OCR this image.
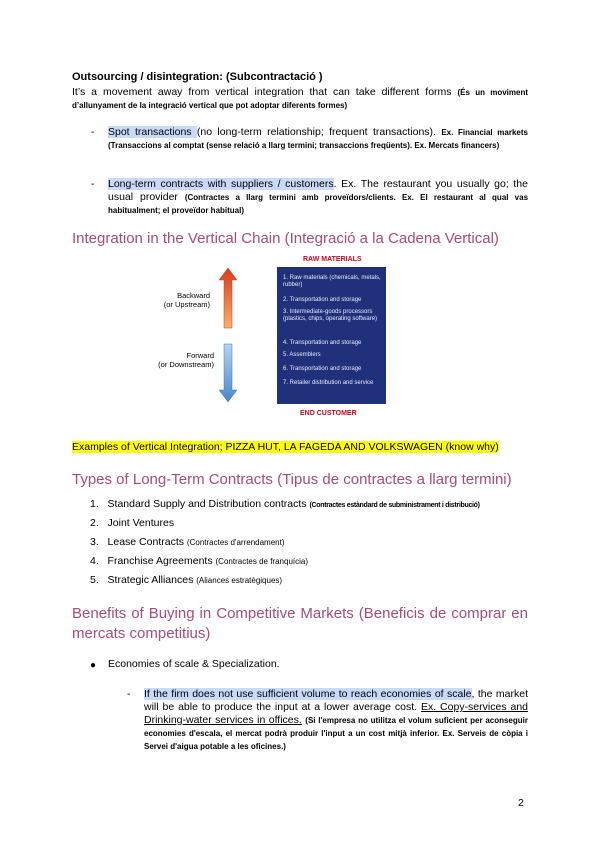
Outsourcing / disintegration: (Subcontractació )
It’s a movement away from vertical integration that can take different forms (És un moviment d’allunyament de la integració vertical que pot adoptar diferents formes)
- Spot transactions (no long-term relationship; frequent transactions). Ex. Financial markets (Transaccions al comptat (sense relació a llarg termini; transaccions freqüents). Ex. Mercats financers)
- Long-term contracts with suppliers / customers. Ex. The restaurant you usually go; the usual provider (Contractes a llarg termini amb proveïdors/clients. Ex. El restaurant al qual vas habitualment; el proveïdor habitual)
Integration in the Vertical Chain (Integració a la Cadena Vertical)
RAW MATERIALS
Backward
(or Upstream)
Forward
(or Downstream)
1. Raw materials (chemicals, metals, rubber)
2. Transportation and storage
3. Intermediate-goods processors (plastics, chips, operating software)
4. Transportation and storage
5. Assemblers
6. Transportation and storage
7. Retailer distribution and service
END CUSTOMER
Examples of Vertical Integration; PIZZA HUT, LA FAGEDA AND VOLKSWAGEN (know why)
Types of Long-Term Contracts (Tipus de contractes a llarg termini)
1. Standard Supply and Distribution contracts (Contractes estàndard de subministrament i distribució)
2. Joint Ventures
3. Lease Contracts (Contractes d'arrendament)
4. Franchise Agreements (Contractes de franquícia)
5. Strategic Alliances (Aliances estratègiques)
Benefits of Buying in Competitive Markets (Beneficis de comprar en mercats competitius)
● Economies of scale & Specialization.
- If the firm does not use sufficient volume to reach economies of scale, the market will be able to produce the input at a lower average cost. Ex. Copy-services and Drinking-water services in offices. (Si l'empresa no utilitza el volum suficient per aconseguir economies d'escala, el mercat podrà produir l'input a un cost mitjà inferior. Ex. Serveis de còpia i Servei d'aigua potable a les oficines.)
2
